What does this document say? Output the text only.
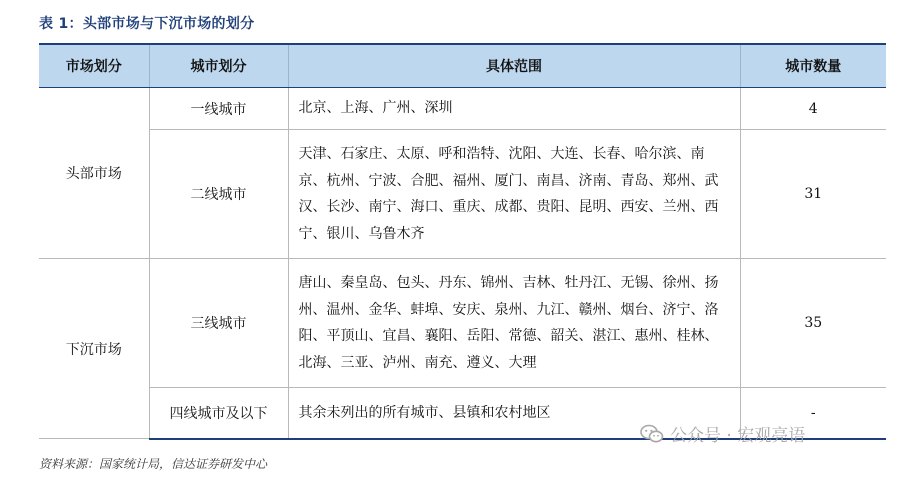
表 1：头部市场与下沉市场的划分
市场划分	城市划分	具体范围	城市数量
头部市场	一线城市	北京、上海、广州、深圳	4
	二线城市	天津、石家庄、太原、呼和浩特、沈阳、大连、长春、哈尔滨、南京、杭州、宁波、合肥、福州、厦门、南昌、济南、青岛、郑州、武汉、长沙、南宁、海口、重庆、成都、贵阳、昆明、西安、兰州、西宁、银川、乌鲁木齐	31
下沉市场	三线城市	唐山、秦皇岛、包头、丹东、锦州、吉林、牡丹江、无锡、徐州、扬州、温州、金华、蚌埠、安庆、泉州、九江、赣州、烟台、济宁、洛阳、平顶山、宜昌、襄阳、岳阳、常德、韶关、湛江、惠州、桂林、北海、三亚、泸州、南充、遵义、大理	35
	四线城市及以下	其余未列出的所有城市、县镇和农村地区	-
公众号 · 宏观亮语
资料来源：国家统计局，信达证券研发中心
